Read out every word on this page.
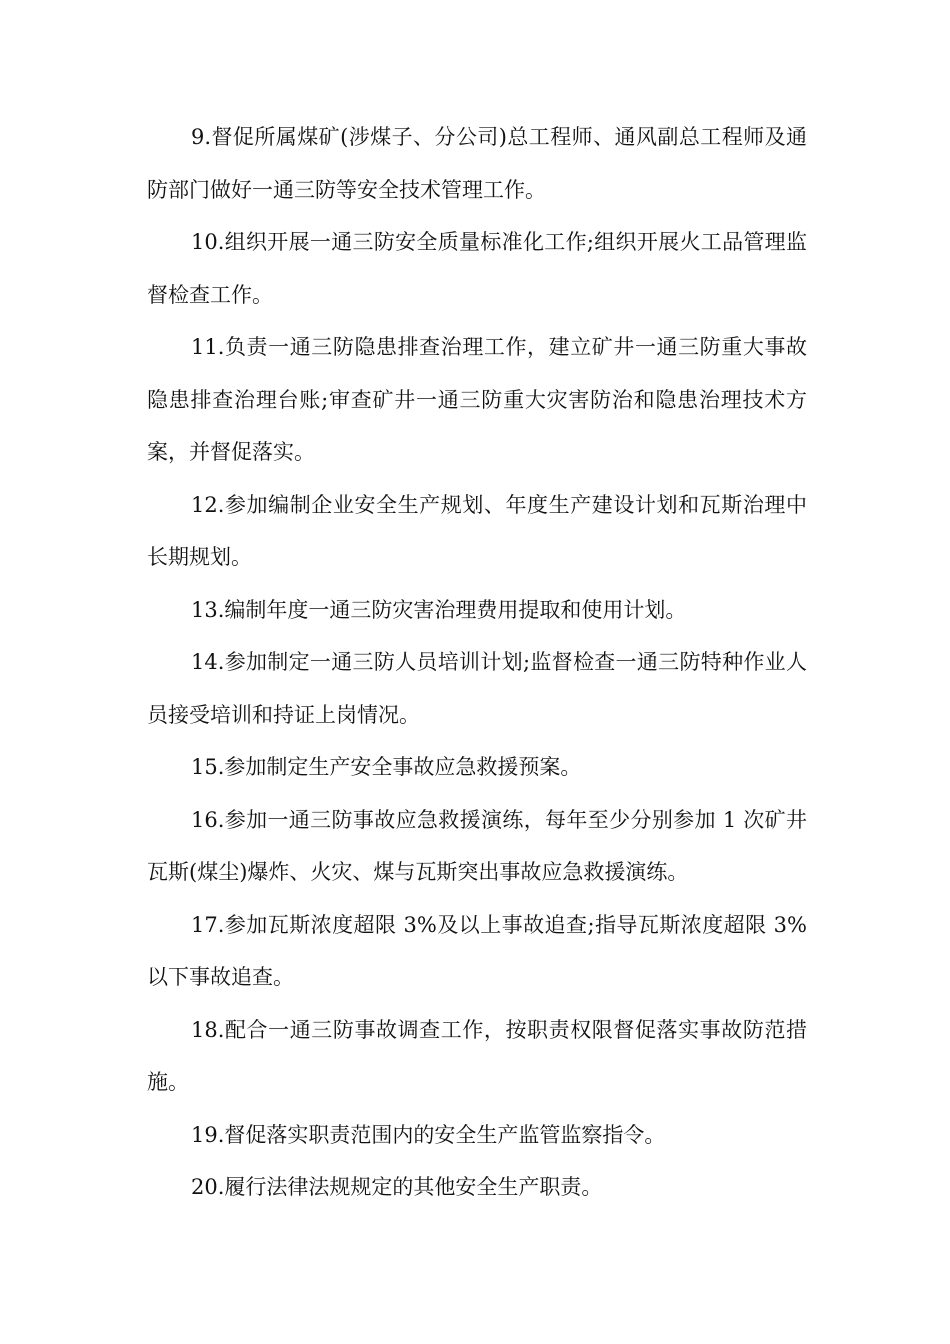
9.督促所属煤矿(涉煤子、分公司)总工程师、通风副总工程师及通防部门做好一通三防等安全技术管理工作。

10.组织开展一通三防安全质量标准化工作;组织开展火工品管理监督检查工作。

11.负责一通三防隐患排查治理工作，建立矿井一通三防重大事故隐患排查治理台账;审查矿井一通三防重大灾害防治和隐患治理技术方案，并督促落实。

12.参加编制企业安全生产规划、年度生产建设计划和瓦斯治理中长期规划。

13.编制年度一通三防灾害治理费用提取和使用计划。

14.参加制定一通三防人员培训计划;监督检查一通三防特种作业人员接受培训和持证上岗情况。

15.参加制定生产安全事故应急救援预案。

16.参加一通三防事故应急救援演练，每年至少分别参加 1 次矿井瓦斯(煤尘)爆炸、火灾、煤与瓦斯突出事故应急救援演练。

17.参加瓦斯浓度超限 3%及以上事故追查;指导瓦斯浓度超限 3%以下事故追查。

18.配合一通三防事故调查工作，按职责权限督促落实事故防范措施。

19.督促落实职责范围内的安全生产监管监察指令。

20.履行法律法规规定的其他安全生产职责。
